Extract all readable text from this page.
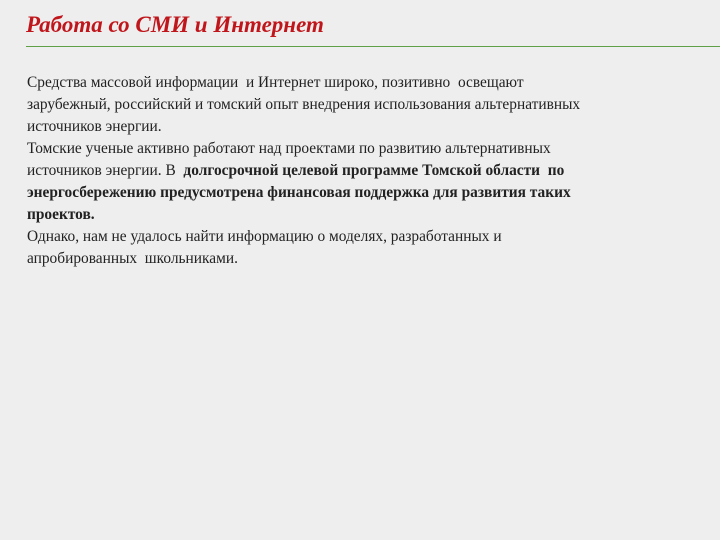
Работа со СМИ и Интернет
Средства массовой информации  и Интернет широко, позитивно  освещают
зарубежный, российский и томский опыт внедрения использования альтернативных
источников энергии.
Томские ученые активно работают над проектами по развитию альтернативных
источников энергии. В  долгосрочной целевой программе Томской области  по
энергосбережению предусмотрена финансовая поддержка для развития таких
проектов.
Однако, нам не удалось найти информацию о моделях, разработанных и
апробированных  школьниками.
